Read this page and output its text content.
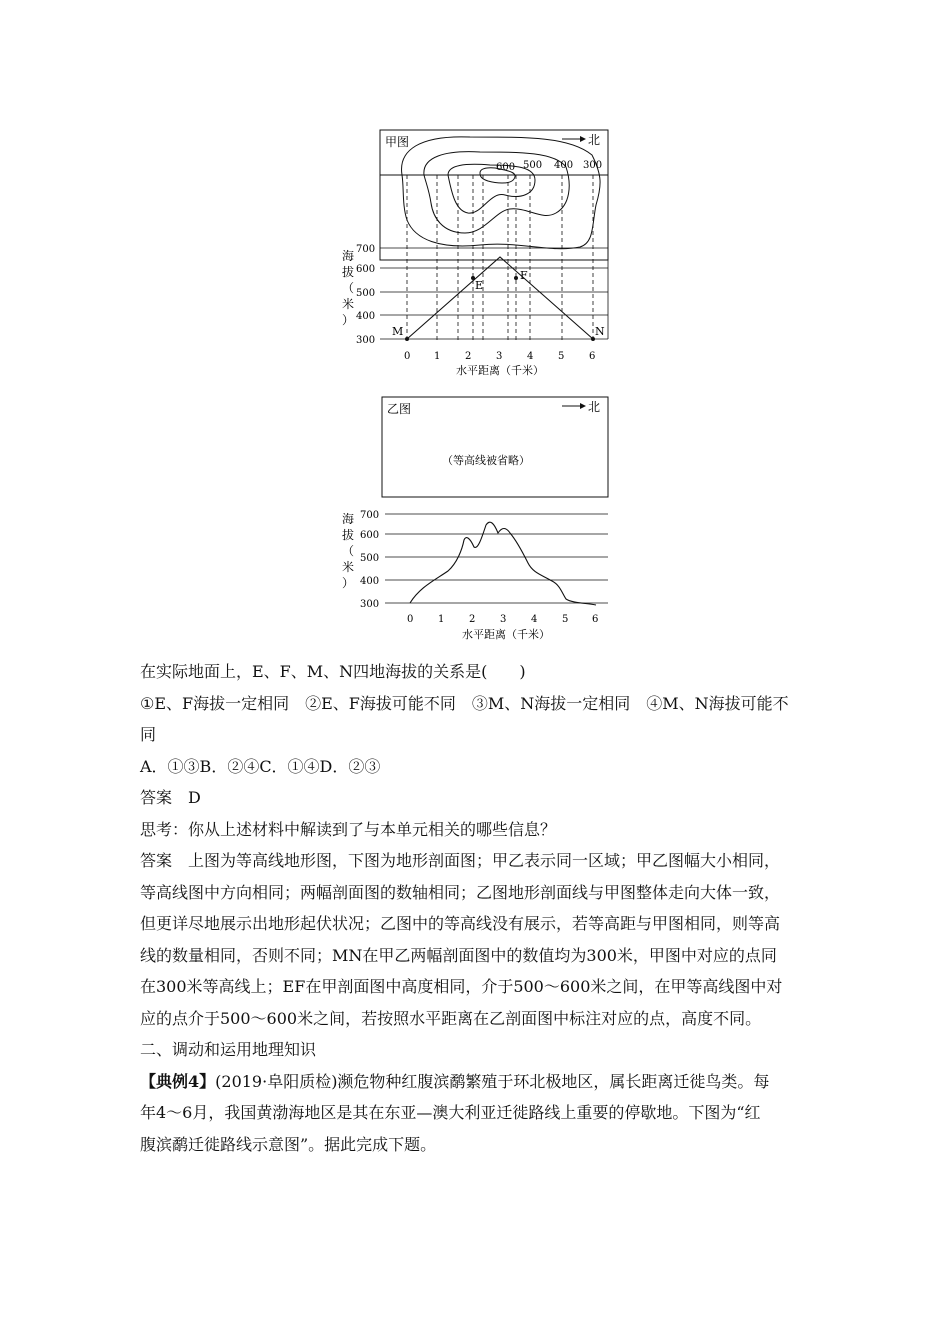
甲图	北
600 500 400 300
海拔（米）
700
600
500
400
300
M	N
E
F
0 1 2 3 4 5 6
水平距离（千米）
乙图	北
（等高线被省略）
海拔（米）
700
600
500
400
300
0 1 2 3 4 5 6
水平距离（千米）

在实际地面上，E、F、M、N四地海拔的关系是(　　)

①E、F海拔一定相同　②E、F海拔可能不同　③M、N海拔一定相同　④M、N海拔可能不

同

A．①③B．②④C．①④D．②③

答案　 D

思考：你从上述材料中解读到了与本单元相关的哪些信息？

答案　 上图为等高线地形图，下图为地形剖面图；甲乙表示同一区域；甲乙图幅大小相同，

等高线图中方向相同；两幅剖面图的数轴相同；乙图地形剖面线与甲图整体走向大体一致，

但更详尽地展示出地形起伏状况；乙图中的等高线没有展示，若等高距与甲图相同，则等高

线的数量相同，否则不同；MN在甲乙两幅剖面图中的数值均为300米，甲图中对应的点同

在300米等高线上；EF在甲剖面图中高度相同，介于500～600米之间，在甲等高线图中对

应的点介于500～600米之间，若按照水平距离在乙剖面图中标注对应的点，高度不同。

二、调动和运用地理知识

【典例4】(2019·阜阳质检)濒危物种红腹滨鹬繁殖于环北极地区，属长距离迁徙鸟类。每

年4～6月，我国黄渤海地区是其在东亚—澳大利亚迁徙路线上重要的停歇地。下图为“红

腹滨鹬迁徙路线示意图”。据此完成下题。
